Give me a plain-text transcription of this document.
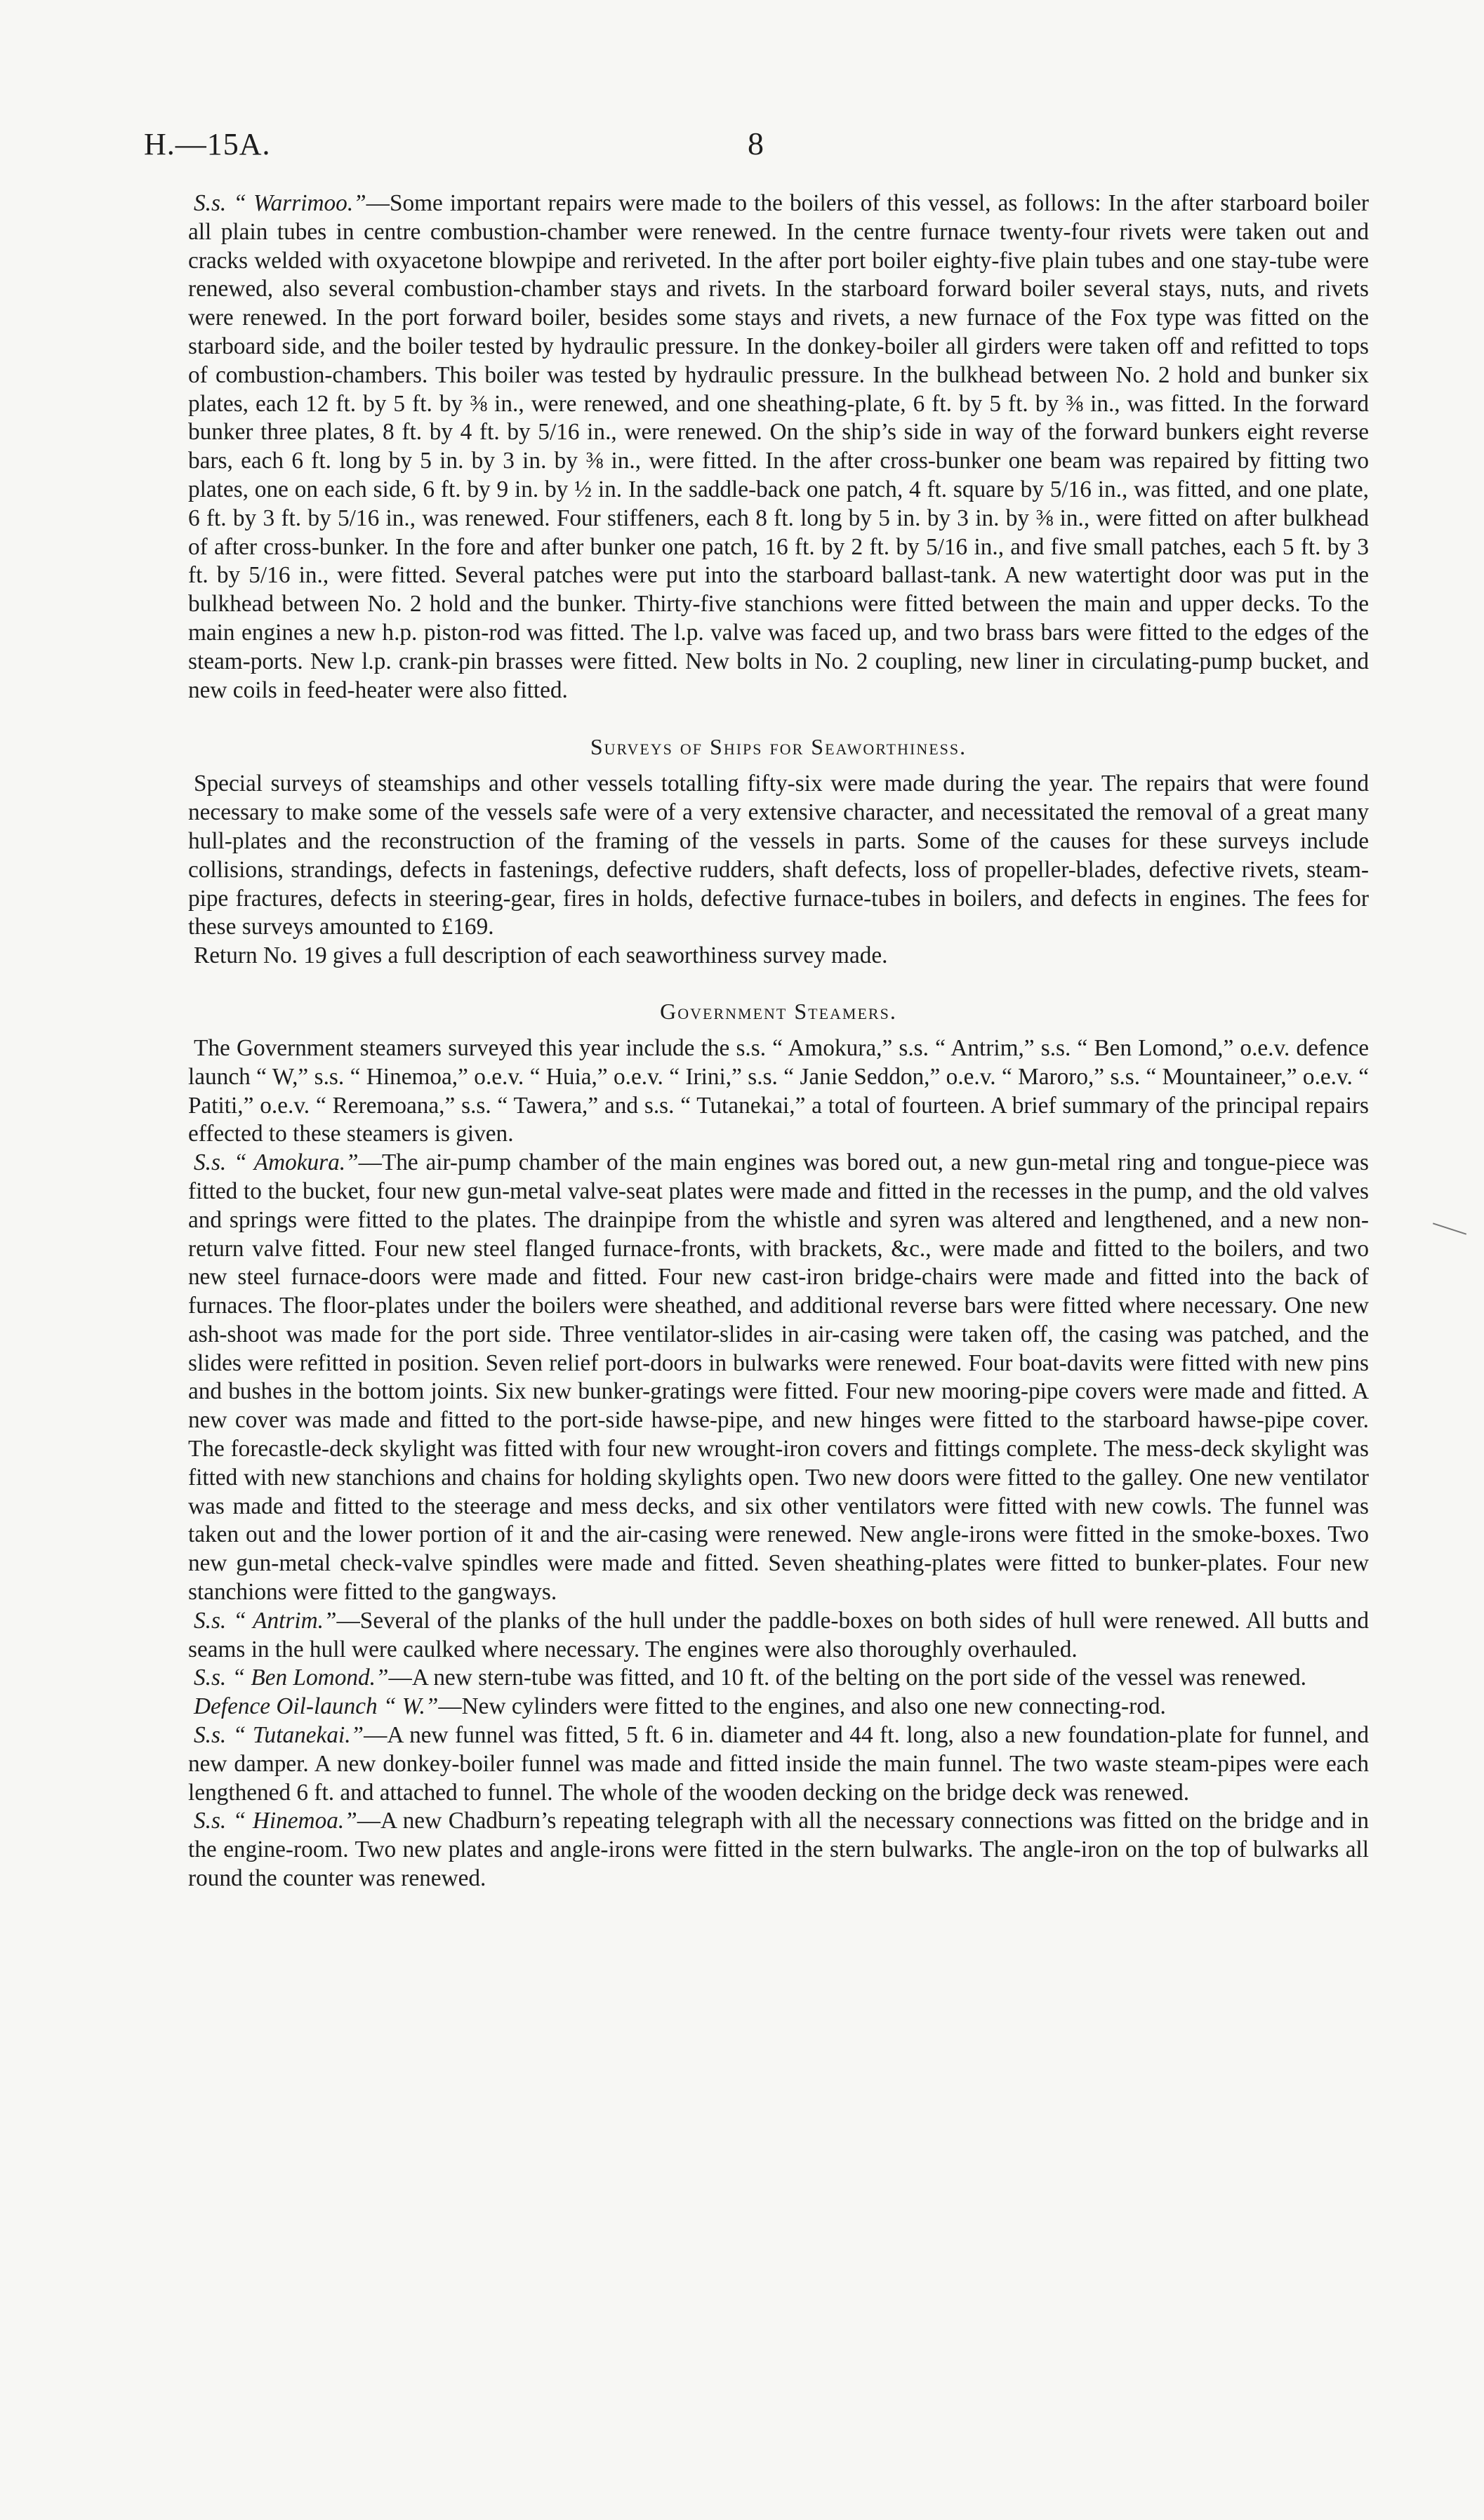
H.—15A.	8

S.s. “ Warrimoo.”—Some important repairs were made to the boilers of this vessel, as follows: In the after starboard boiler all plain tubes in centre combustion-chamber were renewed. In the centre furnace twenty-four rivets were taken out and cracks welded with oxyacetone blowpipe and reriveted. In the after port boiler eighty-five plain tubes and one stay-tube were renewed, also several combustion-chamber stays and rivets. In the starboard forward boiler several stays, nuts, and rivets were renewed. In the port forward boiler, besides some stays and rivets, a new furnace of the Fox type was fitted on the starboard side, and the boiler tested by hydraulic pressure. In the donkey-boiler all girders were taken off and refitted to tops of combustion-chambers. This boiler was tested by hydraulic pressure. In the bulkhead between No. 2 hold and bunker six plates, each 12 ft. by 5 ft. by ⅜ in., were renewed, and one sheathing-plate, 6 ft. by 5 ft. by ⅜ in., was fitted. In the forward bunker three plates, 8 ft. by 4 ft. by 5/16 in., were renewed. On the ship’s side in way of the forward bunkers eight reverse bars, each 6 ft. long by 5 in. by 3 in. by ⅜ in., were fitted. In the after cross-bunker one beam was repaired by fitting two plates, one on each side, 6 ft. by 9 in. by ½ in. In the saddle-back one patch, 4 ft. square by 5/16 in., was fitted, and one plate, 6 ft. by 3 ft. by 5/16 in., was renewed. Four stiffeners, each 8 ft. long by 5 in. by 3 in. by ⅜ in., were fitted on after bulkhead of after cross-bunker. In the fore and after bunker one patch, 16 ft. by 2 ft. by 5/16 in., and five small patches, each 5 ft. by 3 ft. by 5/16 in., were fitted. Several patches were put into the starboard ballast-tank. A new watertight door was put in the bulkhead between No. 2 hold and the bunker. Thirty-five stanchions were fitted between the main and upper decks. To the main engines a new h.p. piston-rod was fitted. The l.p. valve was faced up, and two brass bars were fitted to the edges of the steam-ports. New l.p. crank-pin brasses were fitted. New bolts in No. 2 coupling, new liner in circulating-pump bucket, and new coils in feed-heater were also fitted.

Surveys of Ships for Seaworthiness.

Special surveys of steamships and other vessels totalling fifty-six were made during the year. The repairs that were found necessary to make some of the vessels safe were of a very extensive character, and necessitated the removal of a great many hull-plates and the reconstruction of the framing of the vessels in parts. Some of the causes for these surveys include collisions, strandings, defects in fastenings, defective rudders, shaft defects, loss of propeller-blades, defective rivets, steam-pipe fractures, defects in steering-gear, fires in holds, defective furnace-tubes in boilers, and defects in engines. The fees for these surveys amounted to £169.

Return No. 19 gives a full description of each seaworthiness survey made.

Government Steamers.

The Government steamers surveyed this year include the s.s. “ Amokura,” s.s. “ Antrim,” s.s. “ Ben Lomond,” o.e.v. defence launch “ W,” s.s. “ Hinemoa,” o.e.v. “ Huia,” o.e.v. “ Irini,” s.s. “ Janie Seddon,” o.e.v. “ Maroro,” s.s. “ Mountaineer,” o.e.v. “ Patiti,” o.e.v. “ Reremoana,” s.s. “ Tawera,” and s.s. “ Tutanekai,” a total of fourteen. A brief summary of the principal repairs effected to these steamers is given.

S.s. “ Amokura.”—The air-pump chamber of the main engines was bored out, a new gun-metal ring and tongue-piece was fitted to the bucket, four new gun-metal valve-seat plates were made and fitted in the recesses in the pump, and the old valves and springs were fitted to the plates. The drainpipe from the whistle and syren was altered and lengthened, and a new non-return valve fitted. Four new steel flanged furnace-fronts, with brackets, &c., were made and fitted to the boilers, and two new steel furnace-doors were made and fitted. Four new cast-iron bridge-chairs were made and fitted into the back of furnaces. The floor-plates under the boilers were sheathed, and additional reverse bars were fitted where necessary. One new ash-shoot was made for the port side. Three ventilator-slides in air-casing were taken off, the casing was patched, and the slides were refitted in position. Seven relief port-doors in bulwarks were renewed. Four boat-davits were fitted with new pins and bushes in the bottom joints. Six new bunker-gratings were fitted. Four new mooring-pipe covers were made and fitted. A new cover was made and fitted to the port-side hawse-pipe, and new hinges were fitted to the starboard hawse-pipe cover. The forecastle-deck skylight was fitted with four new wrought-iron covers and fittings complete. The mess-deck skylight was fitted with new stanchions and chains for holding skylights open. Two new doors were fitted to the galley. One new ventilator was made and fitted to the steerage and mess decks, and six other ventilators were fitted with new cowls. The funnel was taken out and the lower portion of it and the air-casing were renewed. New angle-irons were fitted in the smoke-boxes. Two new gun-metal check-valve spindles were made and fitted. Seven sheathing-plates were fitted to bunker-plates. Four new stanchions were fitted to the gangways.

S.s. “ Antrim.”—Several of the planks of the hull under the paddle-boxes on both sides of hull were renewed. All butts and seams in the hull were caulked where necessary. The engines were also thoroughly overhauled.

S.s. “ Ben Lomond.”—A new stern-tube was fitted, and 10 ft. of the belting on the port side of the vessel was renewed.

Defence Oil-launch “ W.”—New cylinders were fitted to the engines, and also one new connecting-rod.

S.s. “ Tutanekai.”—A new funnel was fitted, 5 ft. 6 in. diameter and 44 ft. long, also a new foundation-plate for funnel, and new damper. A new donkey-boiler funnel was made and fitted inside the main funnel. The two waste steam-pipes were each lengthened 6 ft. and attached to funnel. The whole of the wooden decking on the bridge deck was renewed.

S.s. “ Hinemoa.”—A new Chadburn’s repeating telegraph with all the necessary connections was fitted on the bridge and in the engine-room. Two new plates and angle-irons were fitted in the stern bulwarks. The angle-iron on the top of bulwarks all round the counter was renewed.
